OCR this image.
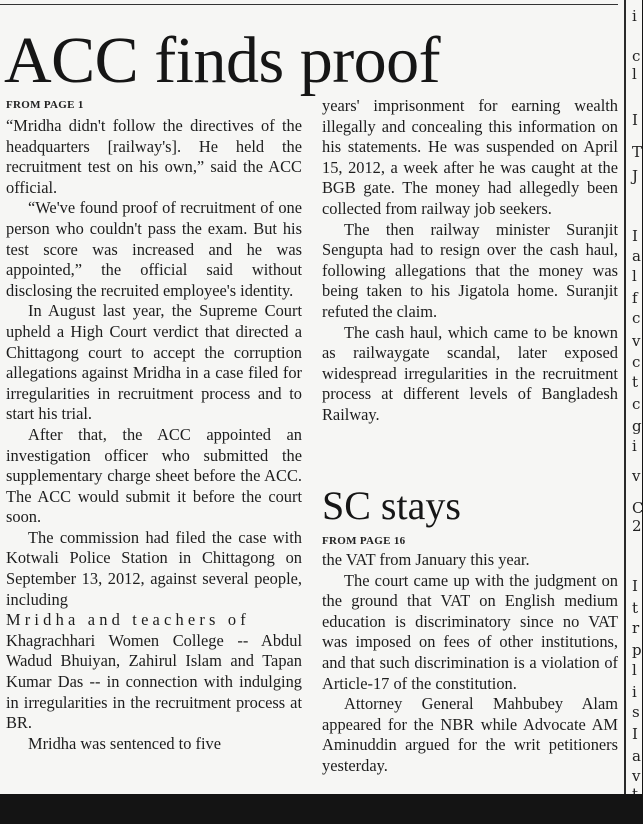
ACC finds proof
FROM PAGE 1

“Mridha didn't follow the directives of the headquarters [railway's]. He held the recruitment test on his own,” said the ACC official.

“We've found proof of recruitment of one person who couldn't pass the exam. But his test score was increased and he was appointed,” the official said without disclosing the recruited employee's identity.

In August last year, the Supreme Court upheld a High Court verdict that directed a Chittagong court to accept the corruption allegations against Mridha in a case filed for irregularities in recruitment process and to start his trial.

After that, the ACC appointed an investigation officer who submitted the supplementary charge sheet before the ACC. The ACC would submit it before the court soon.

The commission had filed the case with Kotwali Police Station in Chittagong on September 13, 2012, against several people, including

Mridha and teachers of

Khagrachhari Women College -- Abdul Wadud Bhuiyan, Zahirul Islam and Tapan Kumar Das -- in connection with indulging in irregularities in the recruitment process at BR.

Mridha was sentenced to five

years' imprisonment for earning wealth illegally and concealing this information on his statements. He was suspended on April 15, 2012, a week after he was caught at the BGB gate. The money had allegedly been collected from railway job seekers.

The then railway minister Suranjit Sengupta had to resign over the cash haul, following allegations that the money was being taken to his Jigatola home. Suranjit refuted the claim.

The cash haul, which came to be known as railwaygate scandal, later exposed widespread irregularities in the recruitment process at different levels of Bangladesh Railway.

SC stays
FROM PAGE 16

the VAT from January this year.

The court came up with the judgment on the ground that VAT on English medium education is discriminatory since no VAT was imposed on fees of other institutions, and that such discrimination is a violation of Article-17 of the constitution.

Attorney General Mahbubey Alam appeared for the NBR while Advocate AM Aminuddin argued for the writ petitioners yesterday.

i
c
l
I
T
J
I
a
l
f
c
v
c
t
c
g
i
v
C
2
I
t
r
p
l
i
s
I
a
v
